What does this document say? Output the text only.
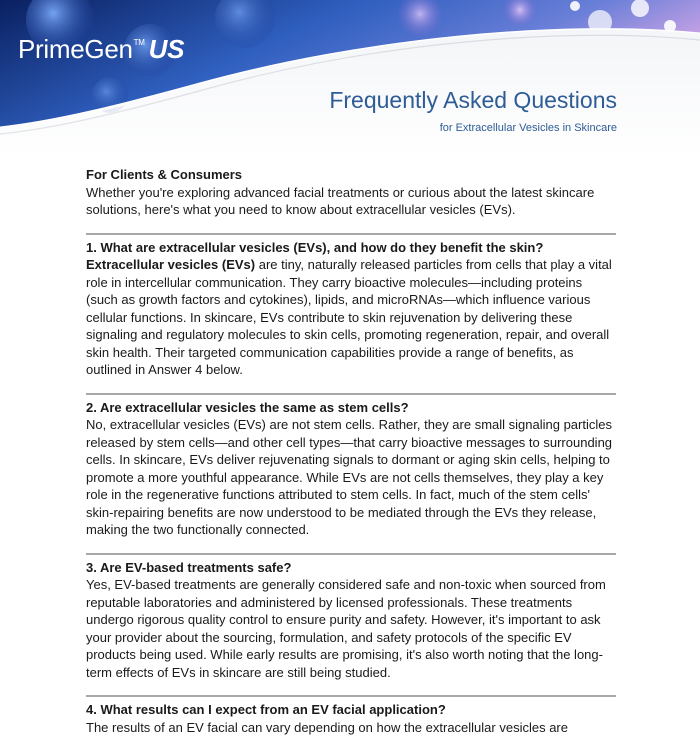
PrimeGen TM US
Frequently Asked Questions
for Extracellular Vesicles in Skincare

For Clients & Consumers

Whether you're exploring advanced facial treatments or curious about the latest skincare solutions, here's what you need to know about extracellular vesicles (EVs).

1. What are extracellular vesicles (EVs), and how do they benefit the skin?

Extracellular vesicles (EVs) are tiny, naturally released particles from cells that play a vital role in intercellular communication. They carry bioactive molecules—including proteins (such as growth factors and cytokines), lipids, and microRNAs—which influence various cellular functions. In skincare, EVs contribute to skin rejuvenation by delivering these signaling and regulatory molecules to skin cells, promoting regeneration, repair, and overall skin health. Their targeted communication capabilities provide a range of benefits, as outlined in Answer 4 below.

2. Are extracellular vesicles the same as stem cells?

No, extracellular vesicles (EVs) are not stem cells. Rather, they are small signaling particles released by stem cells—and other cell types—that carry bioactive messages to surrounding cells. In skincare, EVs deliver rejuvenating signals to dormant or aging skin cells, helping to promote a more youthful appearance. While EVs are not cells themselves, they play a key role in the regenerative functions attributed to stem cells. In fact, much of the stem cells' skin-repairing benefits are now understood to be mediated through the EVs they release, making the two functionally connected.

3. Are EV-based treatments safe?

Yes, EV-based treatments are generally considered safe and non-toxic when sourced from reputable laboratories and administered by licensed professionals. These treatments undergo rigorous quality control to ensure purity and safety. However, it's important to ask your provider about the sourcing, formulation, and safety protocols of the specific EV products being used. While early results are promising, it's also worth noting that the long-term effects of EVs in skincare are still being studied.

4. What results can I expect from an EV facial application?

The results of an EV facial can vary depending on how the extracellular vesicles are
